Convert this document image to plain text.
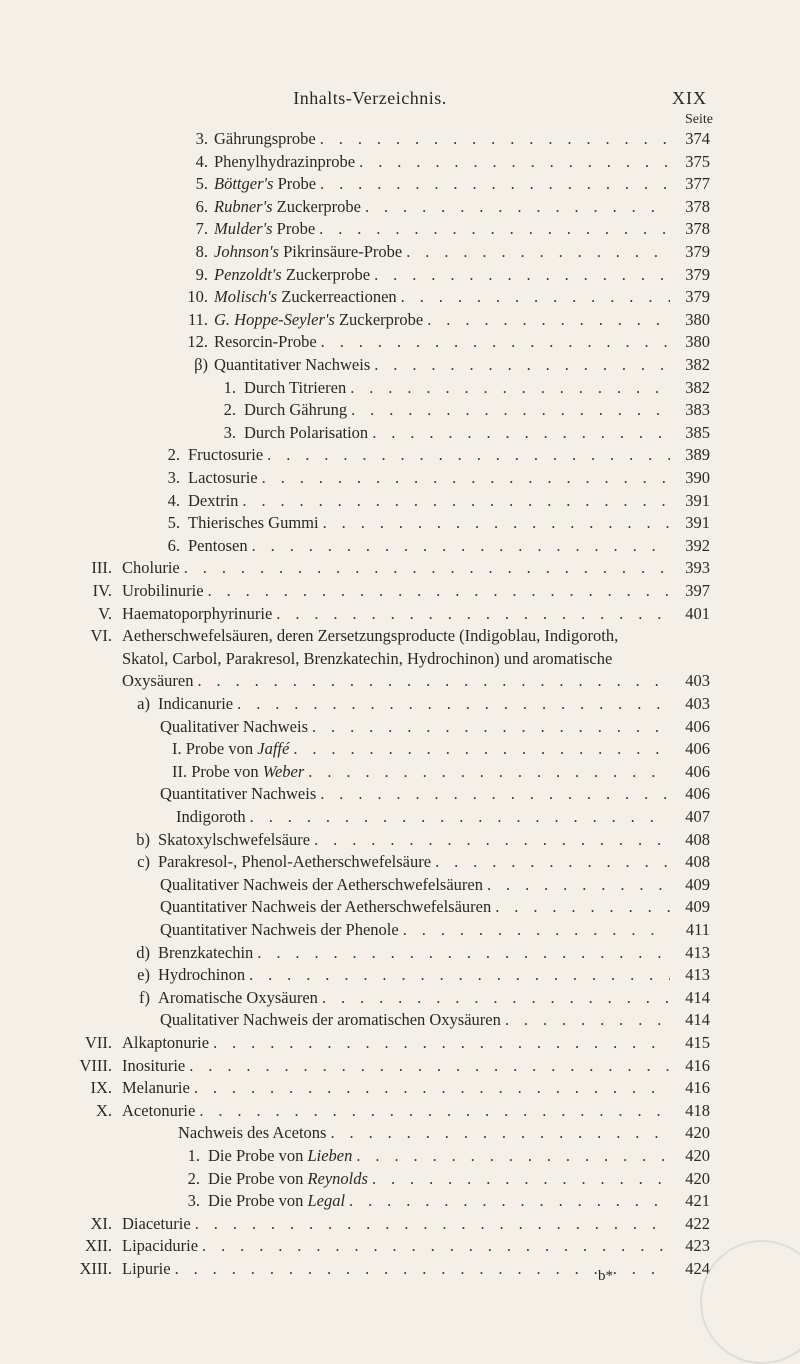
Inhalts-Verzeichnis.	XIX
Seite
3. Gährungsprobe . . .	374
4. Phenylhydrazinprobe . . .	375
5. Böttger's Probe . . .	377
6. Rubner's Zuckerprobe . . .	378
7. Mulder's Probe . . .	378
8. Johnson's Pikrinsäure-Probe . . .	379
9. Penzoldt's Zuckerprobe . . .	379
10. Molisch's Zuckerreactionen . . .	379
11. G. Hoppe-Seyler's Zuckerprobe . . .	380
12. Resorcin-Probe . . .	380
β) Quantitativer Nachweis . . .	382
1. Durch Titrieren . . .	382
2. Durch Gährung . . .	383
3. Durch Polarisation . . .	385
2. Fructosurie . . .	389
3. Lactosurie . . .	390
4. Dextrin . . .	391
5. Thierisches Gummi . . .	391
6. Pentosen . . .	392
III. Cholurie . . .	393
IV. Urobilinurie . . .	397
V. Haematoporphyrinurie . . .	401
VI. Aetherschwefelsäuren, deren Zersetzungsproducte (Indigoblau, Indigoroth,
Skatol, Carbol, Parakresol, Brenzkatechin, Hydrochinon) und aromatische
Oxysäuren . . .	403
a) Indicanurie . . .	403
Qualitativer Nachweis . . .	406
I. Probe von Jaffé . . .	406
II. Probe von Weber . . .	406
Quantitativer Nachweis . . .	406
Indigoroth . . .	407
b) Skatoxylschwefelsäure . . .	408
c) Parakresol-, Phenol-Aetherschwefelsäure . . .	408
Qualitativer Nachweis der Aetherschwefelsäuren . . .	409
Quantitativer Nachweis der Aetherschwefelsäuren . . .	409
Quantitativer Nachweis der Phenole . . .	411
d) Brenzkatechin . . .	413
e) Hydrochinon . . .	413
f) Aromatische Oxysäuren . . .	414
Qualitativer Nachweis der aromatischen Oxysäuren . . .	414
VII. Alkaptonurie . . .	415
VIII. Inositurie . . .	416
IX. Melanurie . . .	416
X. Acetonurie . . .	418
Nachweis des Acetons . . .	420
1. Die Probe von Lieben . . .	420
2. Die Probe von Reynolds . . .	420
3. Die Probe von Legal . . .	421
XI. Diaceturie . . .	422
XII. Lipacidurie . . .	423
XIII. Lipurie . . .	424
b*
